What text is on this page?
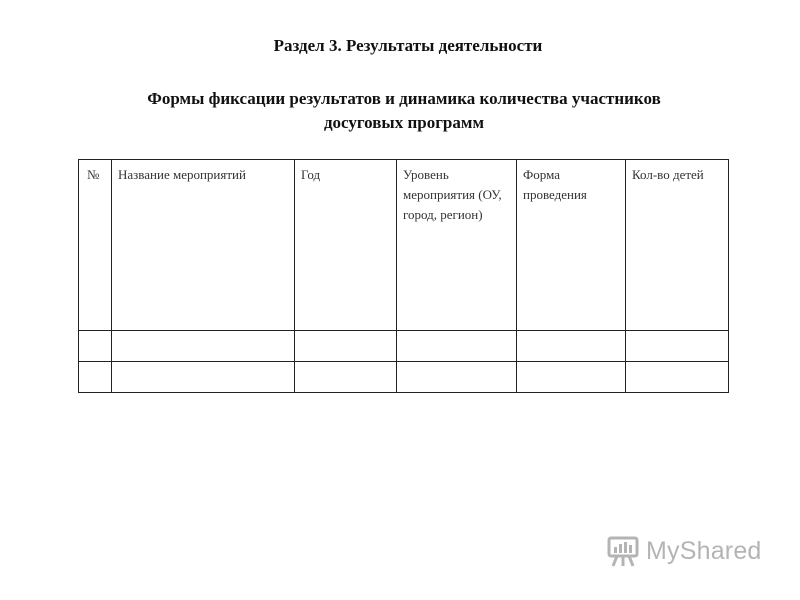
Раздел 3. Результаты деятельности
Формы фиксации результатов и динамика количества участников
досуговых программ
№	Название мероприятий	Год	Уровень мероприятия (ОУ, город, регион)	Форма проведения	Кол-во детей

MyShared
